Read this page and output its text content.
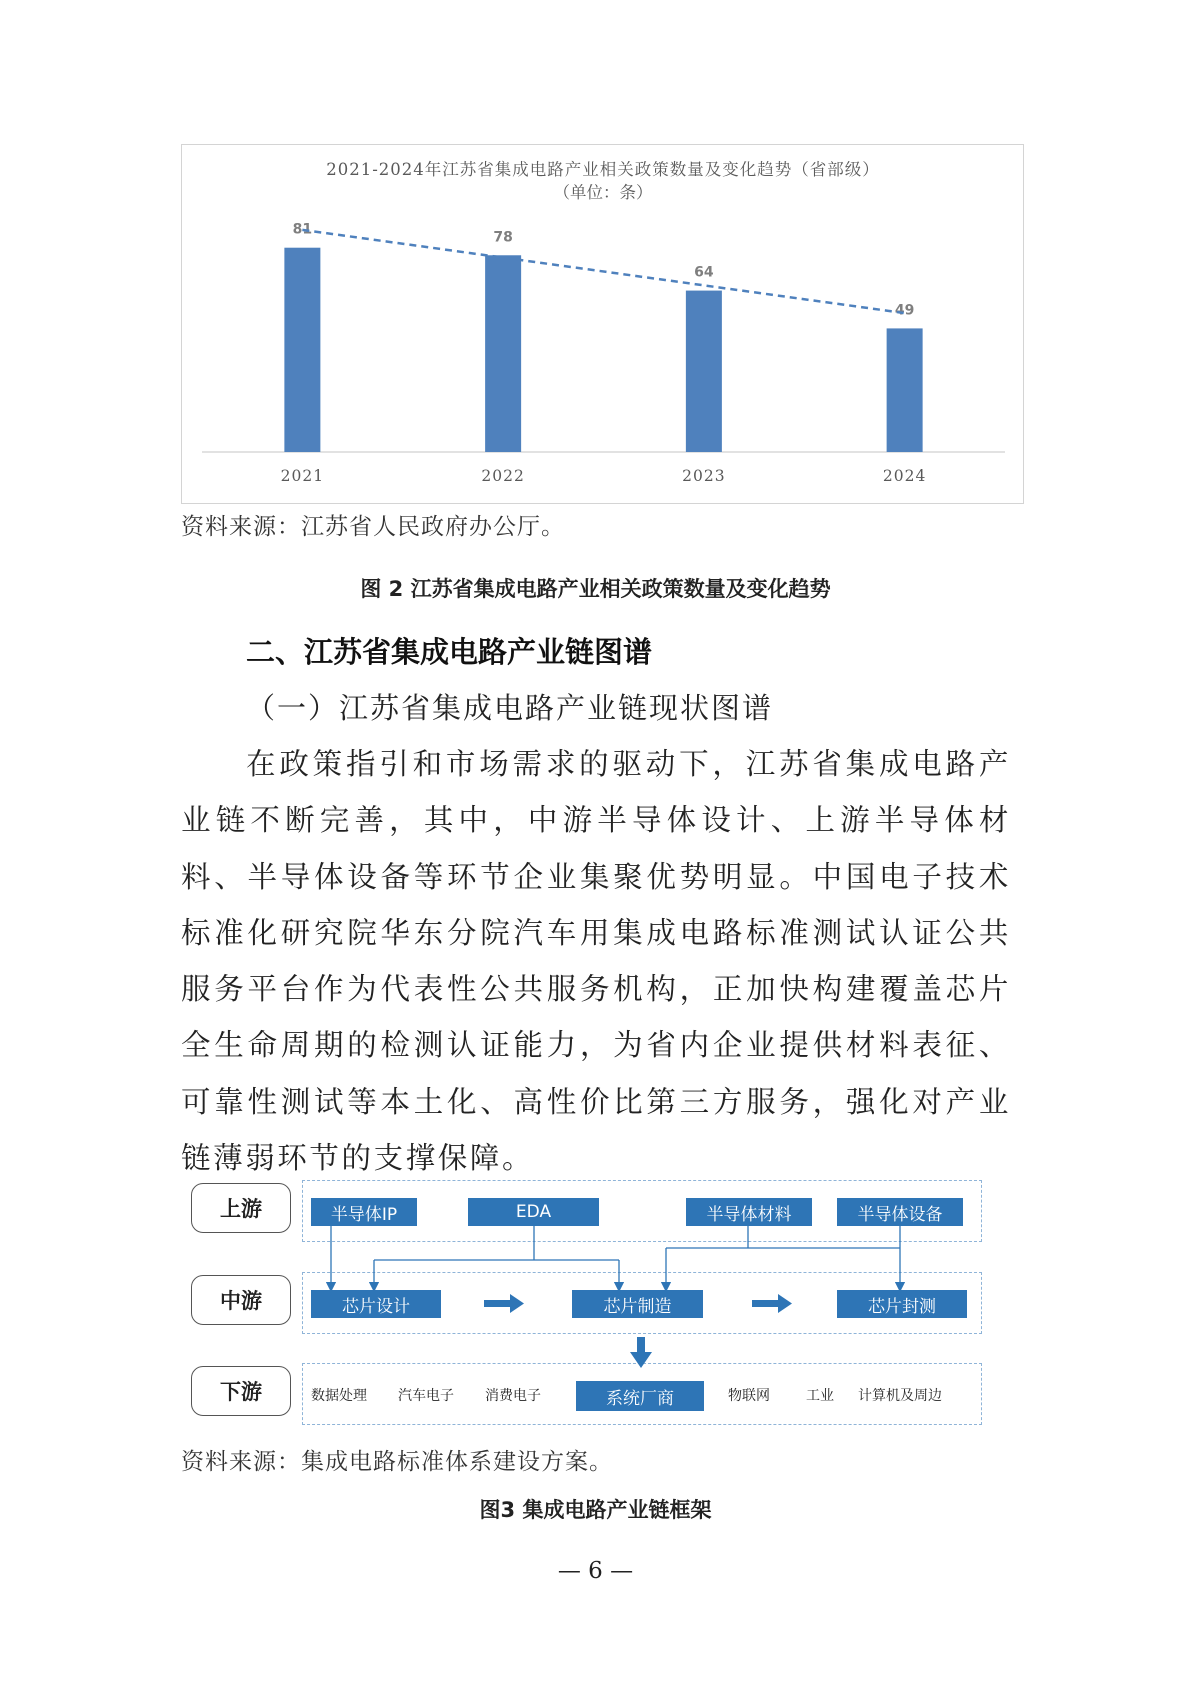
2021-2024年江苏省集成电路产业相关政策数量及变化趋势（省部级）
（单位：条）
81
2021
78
2022
64
2023
49
2024
资料来源：江苏省人民政府办公厅。
图 2 江苏省集成电路产业相关政策数量及变化趋势
二、江苏省集成电路产业链图谱
（一）江苏省集成电路产业链现状图谱
在政策指引和市场需求的驱动下，江苏省集成电路产业链不断完善，其中，中游半导体设计、上游半导体材料、半导体设备等环节企业集聚优势明显。中国电子技术标准化研究院华东分院汽车用集成电路标准测试认证公共服务平台作为代表性公共服务机构，正加快构建覆盖芯片全生命周期的检测认证能力，为省内企业提供材料表征、可靠性测试等本土化、高性价比第三方服务，强化对产业链薄弱环节的支撑保障。
上游
中游
下游
半导体IP	EDA	半导体材料	半导体设备
芯片设计	芯片制造	芯片封测
数据处理 汽车电子 消费电子	系统厂商	物联网	工业 计算机及周边
资料来源：集成电路标准体系建设方案。
图3 集成电路产业链框架
— 6 —
